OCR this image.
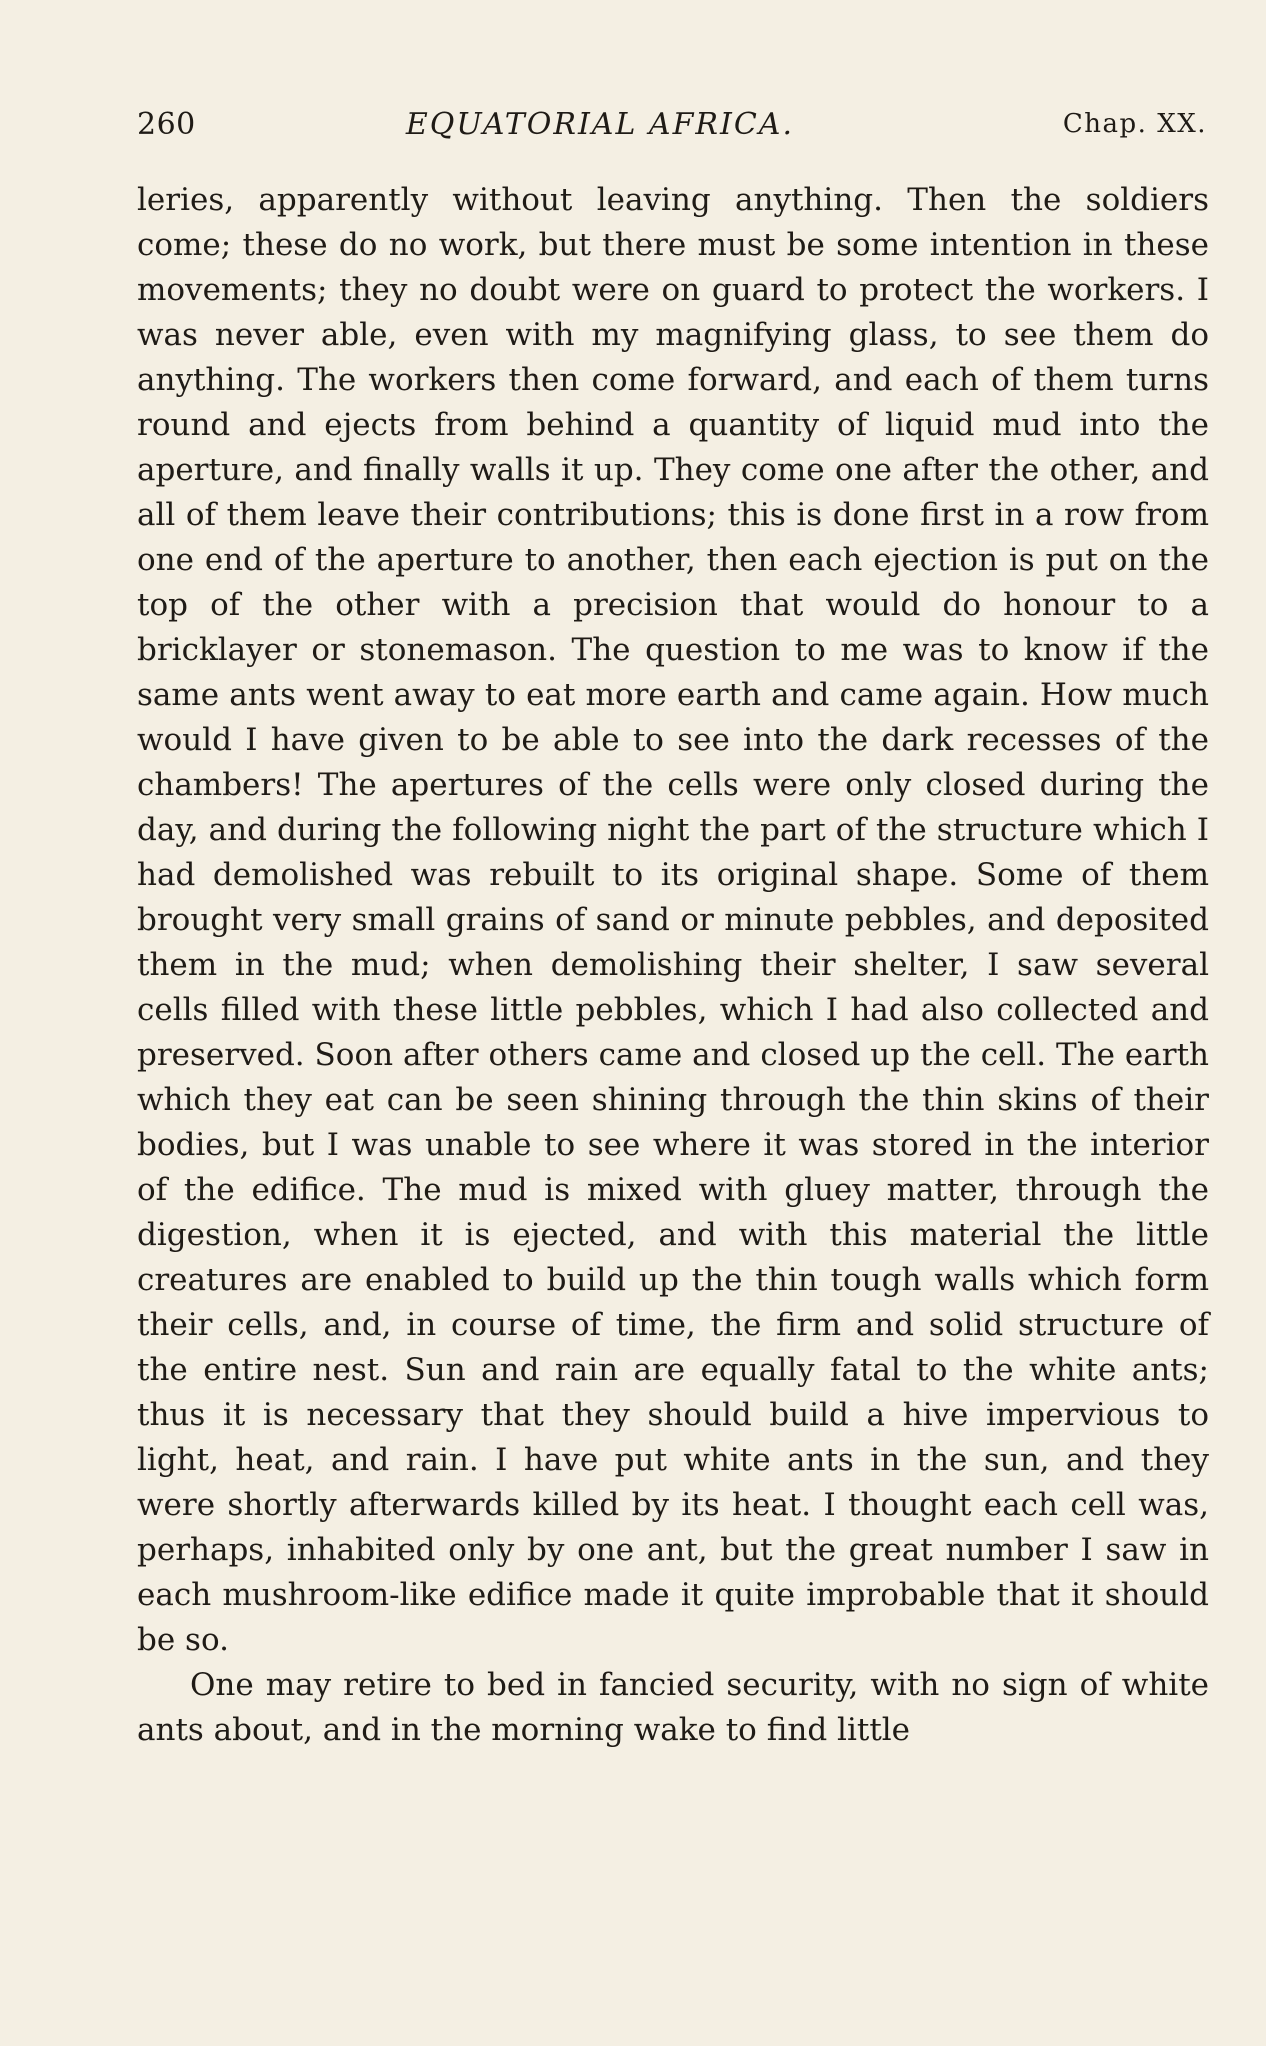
260	EQUATORIAL AFRICA.	Chap. XX.

leries, apparently without leaving anything. Then the soldiers come; these do no work, but there must be some intention in these movements; they no doubt were on guard to protect the workers. I was never able, even with my magnifying glass, to see them do anything. The workers then come forward, and each of them turns round and ejects from behind a quantity of liquid mud into the aperture, and finally walls it up. They come one after the other, and all of them leave their contributions; this is done first in a row from one end of the aperture to another, then each ejection is put on the top of the other with a precision that would do honour to a bricklayer or stonemason. The question to me was to know if the same ants went away to eat more earth and came again. How much would I have given to be able to see into the dark recesses of the chambers! The apertures of the cells were only closed during the day, and during the following night the part of the structure which I had demolished was rebuilt to its original shape. Some of them brought very small grains of sand or minute pebbles, and deposited them in the mud; when demolishing their shelter, I saw several cells filled with these little pebbles, which I had also collected and preserved. Soon after others came and closed up the cell. The earth which they eat can be seen shining through the thin skins of their bodies, but I was unable to see where it was stored in the interior of the edifice. The mud is mixed with gluey matter, through the digestion, when it is ejected, and with this material the little creatures are enabled to build up the thin tough walls which form their cells, and, in course of time, the firm and solid structure of the entire nest. Sun and rain are equally fatal to the white ants; thus it is necessary that they should build a hive impervious to light, heat, and rain. I have put white ants in the sun, and they were shortly afterwards killed by its heat. I thought each cell was, perhaps, inhabited only by one ant, but the great number I saw in each mushroom-like edifice made it quite improbable that it should be so.

One may retire to bed in fancied security, with no sign of white ants about, and in the morning wake to find little
